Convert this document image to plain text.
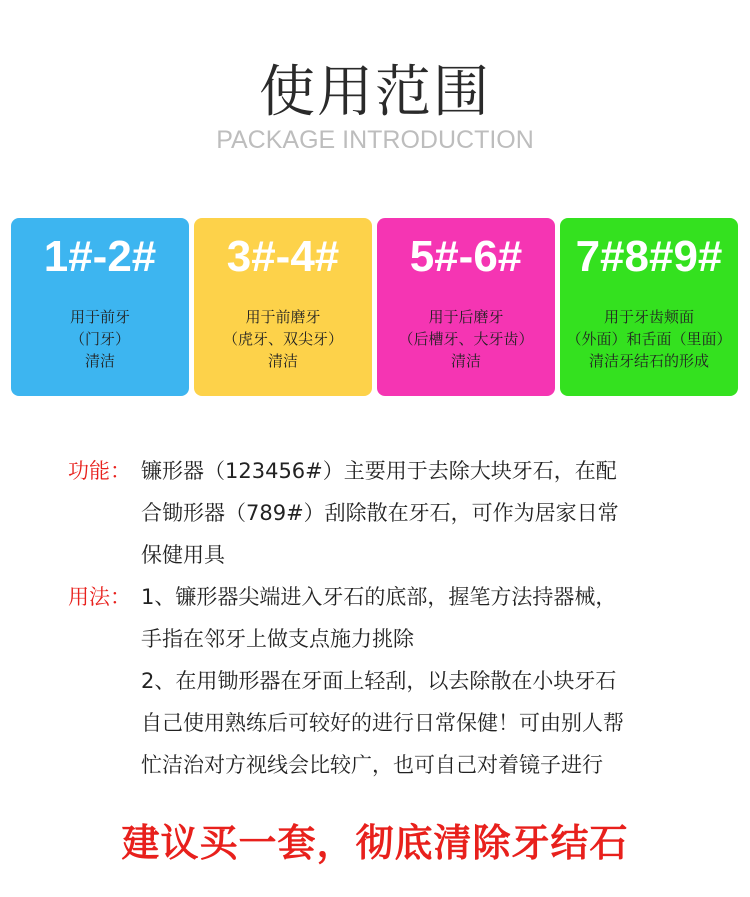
使用范围
PACKAGE INTRODUCTION
1#-2#
用于前牙
（门牙）
清洁
3#-4#
用于前磨牙
（虎牙、双尖牙）
清洁
5#-6#
用于后磨牙
（后槽牙、大牙齿）
清洁
7#8#9#
用于牙齿颊面
（外面）和舌面（里面）
清洁牙结石的形成
功能： 镰形器（123456#）主要用于去除大块牙石，在配
合锄形器（789#）刮除散在牙石，可作为居家日常
保健用具
用法： 1、镰形器尖端进入牙石的底部，握笔方法持器械，
手指在邻牙上做支点施力挑除
2、在用锄形器在牙面上轻刮，以去除散在小块牙石
自己使用熟练后可较好的进行日常保健！可由别人帮
忙洁治对方视线会比较广，也可自己对着镜子进行
建议买一套，彻底清除牙结石
